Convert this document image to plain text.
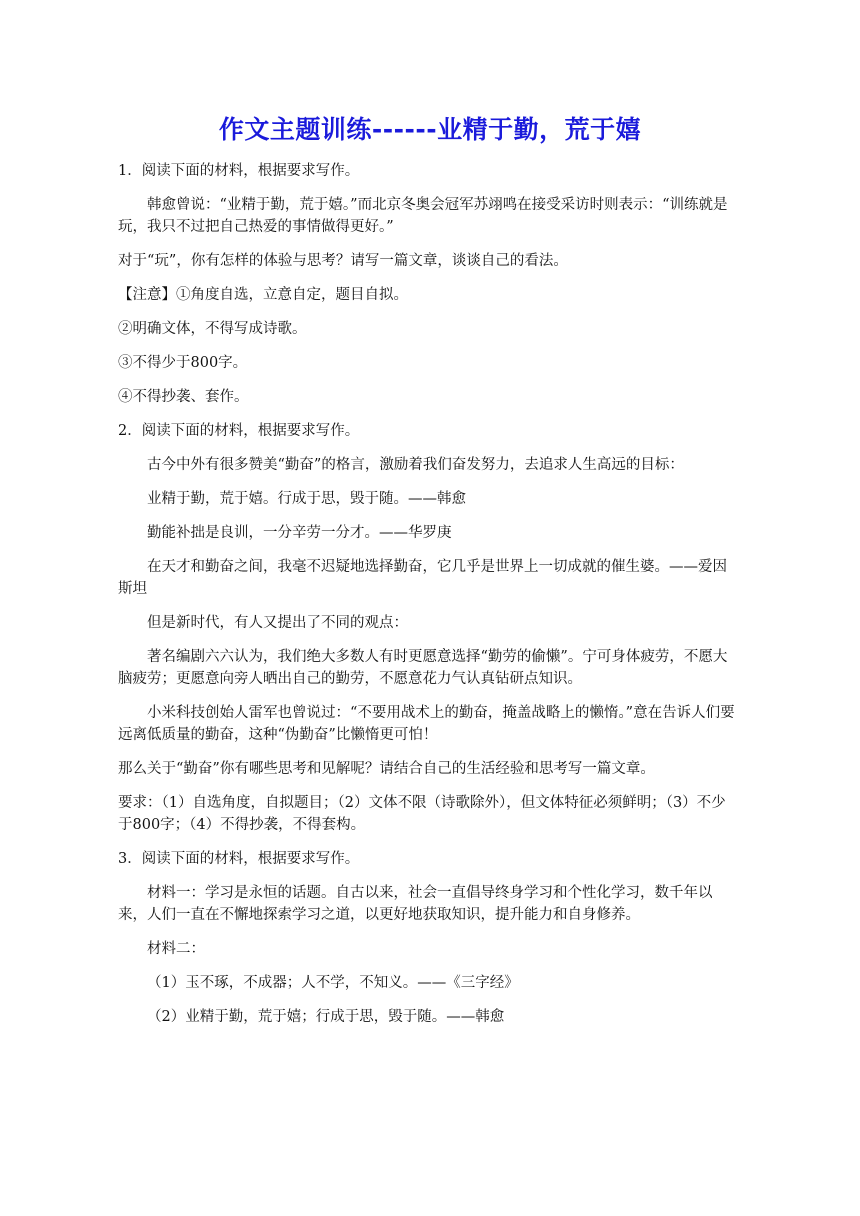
作文主题训练------业精于勤，荒于嬉

1．阅读下面的材料，根据要求写作。

韩愈曾说：“业精于勤，荒于嬉。”而北京冬奥会冠军苏翊鸣在接受采访时则表示：“训练就是玩，我只不过把自己热爱的事情做得更好。”

对于“玩”，你有怎样的体验与思考？请写一篇文章，谈谈自己的看法。

【注意】①角度自选，立意自定，题目自拟。

②明确文体，不得写成诗歌。

③不得少于800字。

④不得抄袭、套作。

2．阅读下面的材料，根据要求写作。

古今中外有很多赞美“勤奋”的格言，激励着我们奋发努力，去追求人生高远的目标：

业精于勤，荒于嬉。行成于思，毁于随。——韩愈

勤能补拙是良训，一分辛劳一分才。——华罗庚

在天才和勤奋之间，我毫不迟疑地选择勤奋，它几乎是世界上一切成就的催生婆。——爱因斯坦

但是新时代，有人又提出了不同的观点：

著名编剧六六认为，我们绝大多数人有时更愿意选择“勤劳的偷懒”。宁可身体疲劳，不愿大脑疲劳；更愿意向旁人晒出自己的勤劳，不愿意花力气认真钻研点知识。

小米科技创始人雷军也曾说过：“不要用战术上的勤奋，掩盖战略上的懒惰。”意在告诉人们要远离低质量的勤奋，这种“伪勤奋”比懒惰更可怕！

那么关于“勤奋”你有哪些思考和见解呢？请结合自己的生活经验和思考写一篇文章。

要求：（1）自选角度，自拟题目；（2）文体不限（诗歌除外），但文体特征必须鲜明；（3）不少于800字；（4）不得抄袭，不得套构。

3．阅读下面的材料，根据要求写作。

材料一：学习是永恒的话题。自古以来，社会一直倡导终身学习和个性化学习，数千年以来，人们一直在不懈地探索学习之道，以更好地获取知识，提升能力和自身修养。

材料二：

（1）玉不琢，不成器；人不学，不知义。——《三字经》

（2）业精于勤，荒于嬉；行成于思，毁于随。——韩愈
